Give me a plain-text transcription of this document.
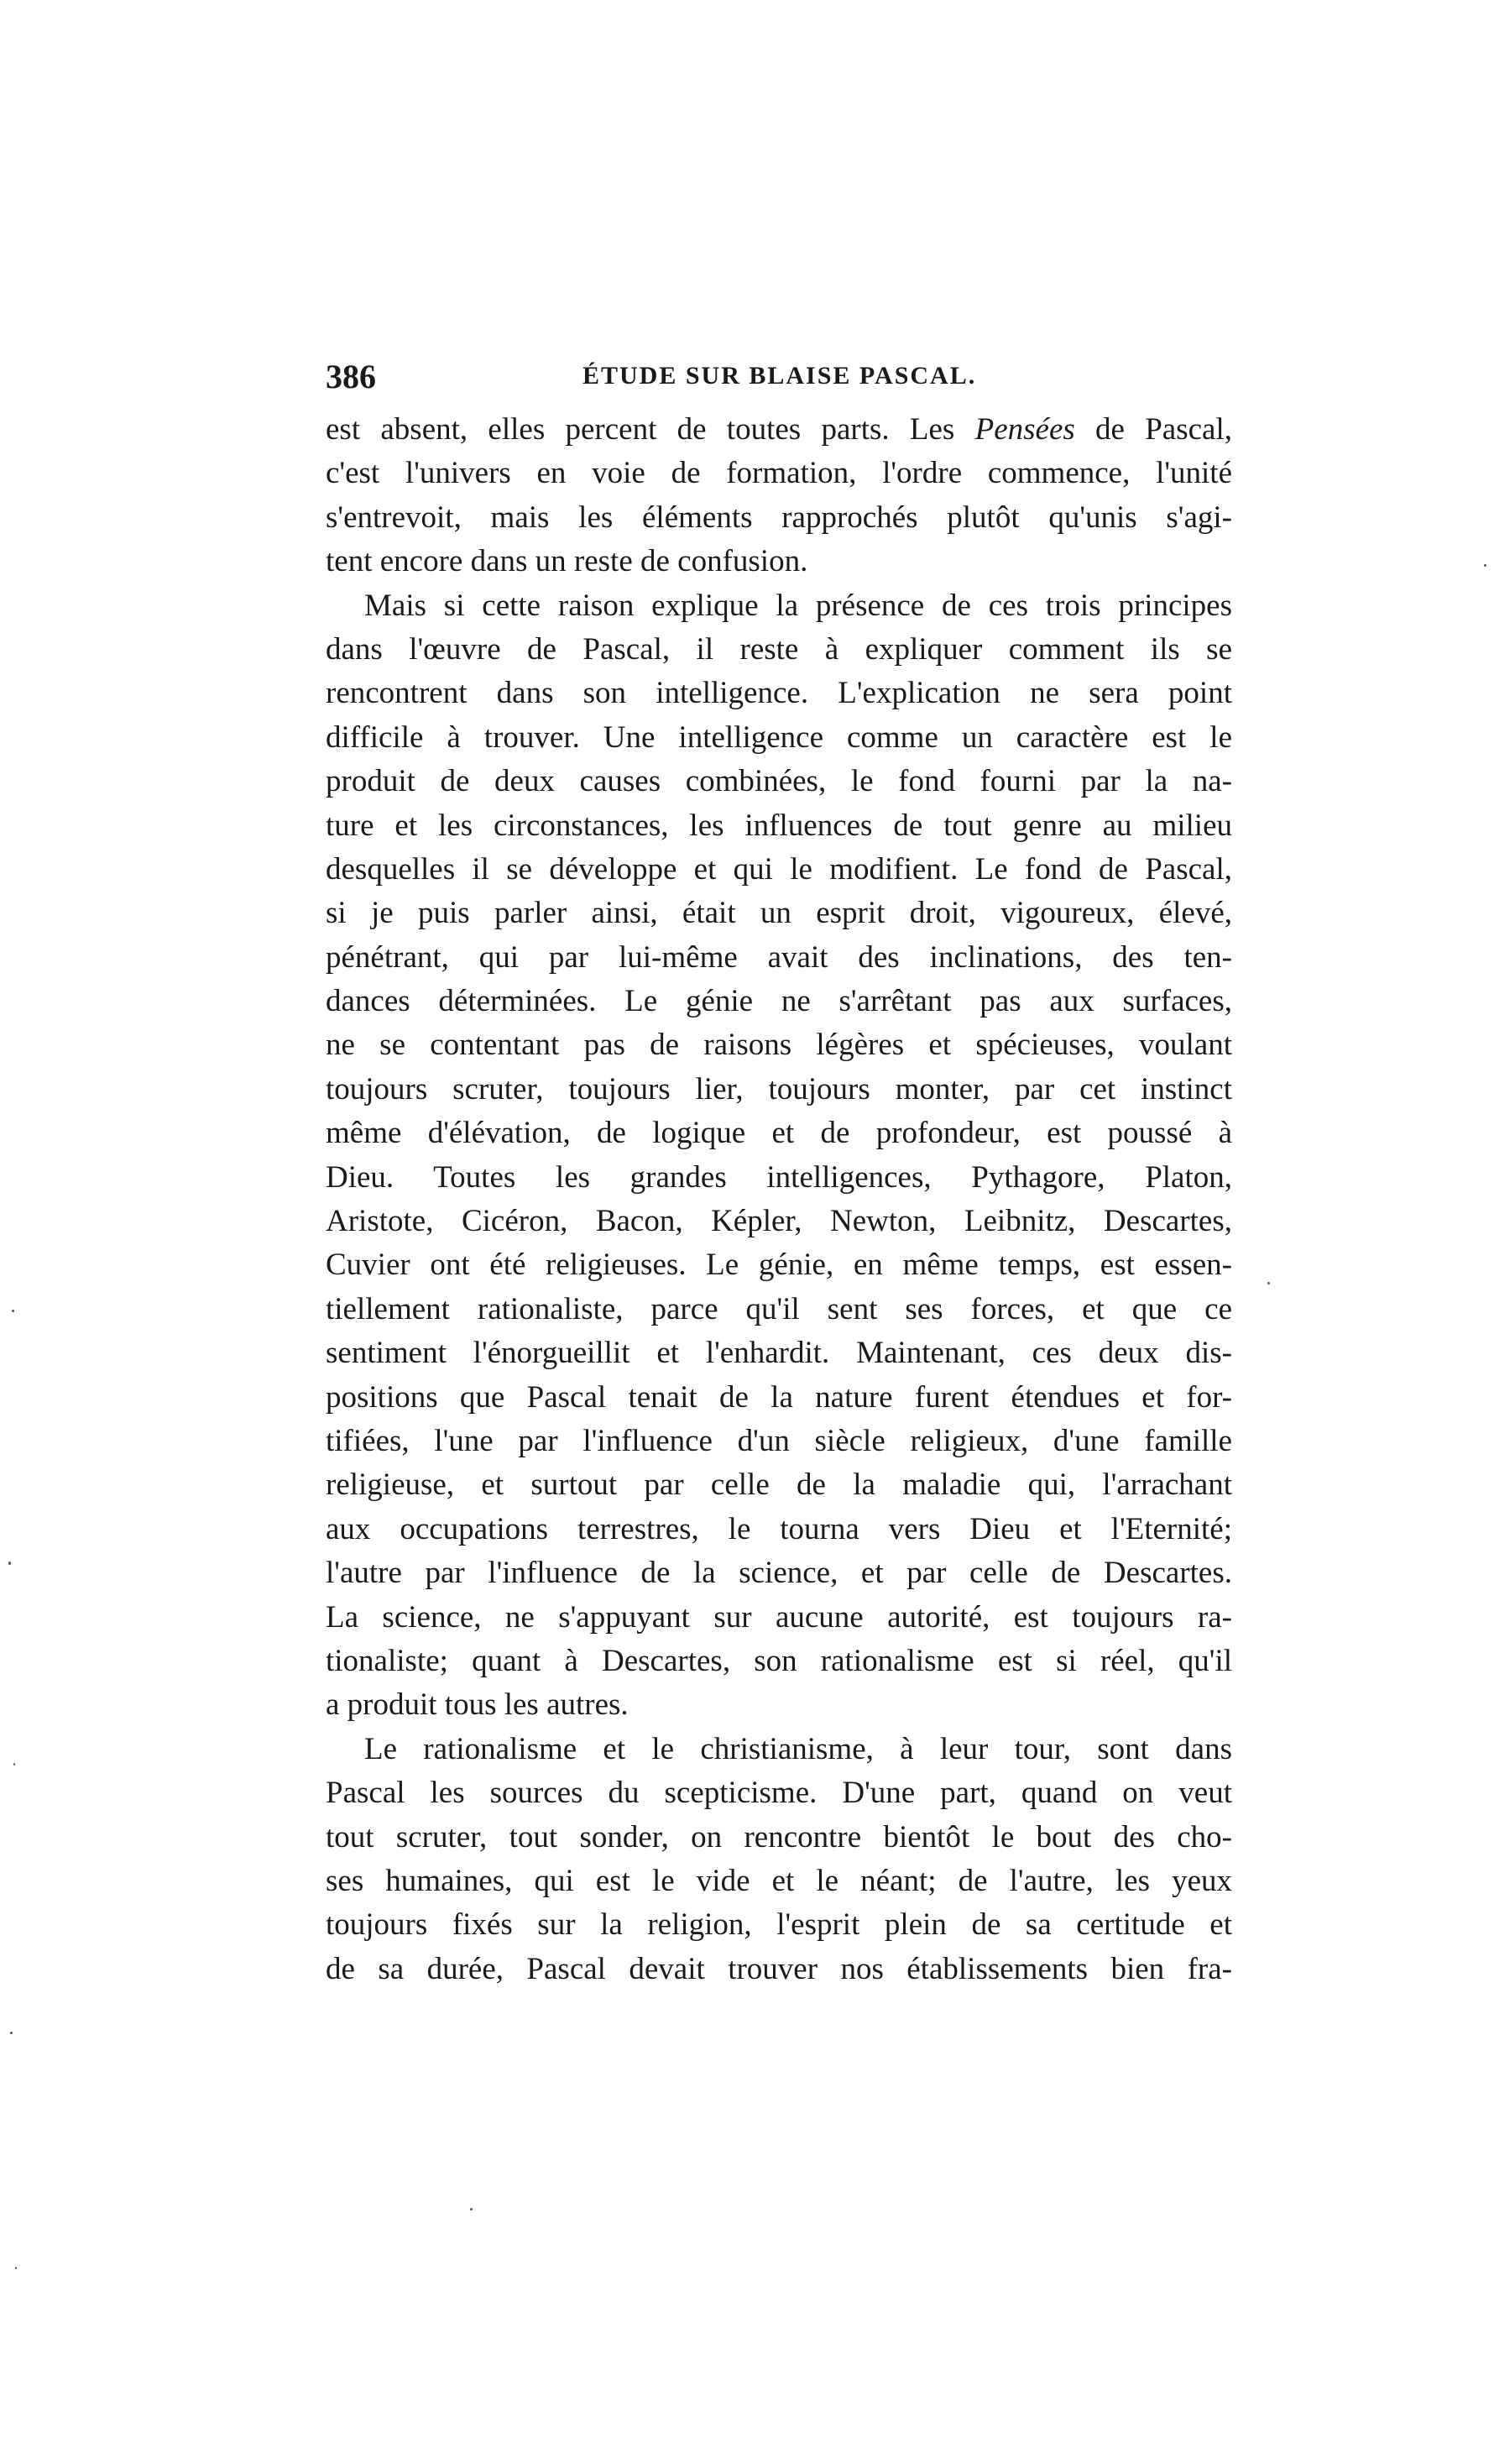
386	ÉTUDE SUR BLAISE PASCAL.
est absent, elles percent de toutes parts. Les Pensées de Pascal,
c'est l'univers en voie de formation, l'ordre commence, l'unité
s'entrevoit, mais les éléments rapprochés plutôt qu'unis s'agi-
tent encore dans un reste de confusion.
Mais si cette raison explique la présence de ces trois principes
dans l'œuvre de Pascal, il reste à expliquer comment ils se
rencontrent dans son intelligence. L'explication ne sera point
difficile à trouver. Une intelligence comme un caractère est le
produit de deux causes combinées, le fond fourni par la na-
ture et les circonstances, les influences de tout genre au milieu
desquelles il se développe et qui le modifient. Le fond de Pascal,
si je puis parler ainsi, était un esprit droit, vigoureux, élevé,
pénétrant, qui par lui-même avait des inclinations, des ten-
dances déterminées. Le génie ne s'arrêtant pas aux surfaces,
ne se contentant pas de raisons légères et spécieuses, voulant
toujours scruter, toujours lier, toujours monter, par cet instinct
même d'élévation, de logique et de profondeur, est poussé à
Dieu. Toutes les grandes intelligences, Pythagore, Platon,
Aristote, Cicéron, Bacon, Képler, Newton, Leibnitz, Descartes,
Cuvier ont été religieuses. Le génie, en même temps, est essen-
tiellement rationaliste, parce qu'il sent ses forces, et que ce
sentiment l'énorgueillit et l'enhardit. Maintenant, ces deux dis-
positions que Pascal tenait de la nature furent étendues et for-
tifiées, l'une par l'influence d'un siècle religieux, d'une famille
religieuse, et surtout par celle de la maladie qui, l'arrachant
aux occupations terrestres, le tourna vers Dieu et l'Eternité;
l'autre par l'influence de la science, et par celle de Descartes.
La science, ne s'appuyant sur aucune autorité, est toujours ra-
tionaliste; quant à Descartes, son rationalisme est si réel, qu'il
a produit tous les autres.
Le rationalisme et le christianisme, à leur tour, sont dans
Pascal les sources du scepticisme. D'une part, quand on veut
tout scruter, tout sonder, on rencontre bientôt le bout des cho-
ses humaines, qui est le vide et le néant; de l'autre, les yeux
toujours fixés sur la religion, l'esprit plein de sa certitude et
de sa durée, Pascal devait trouver nos établissements bien fra-
